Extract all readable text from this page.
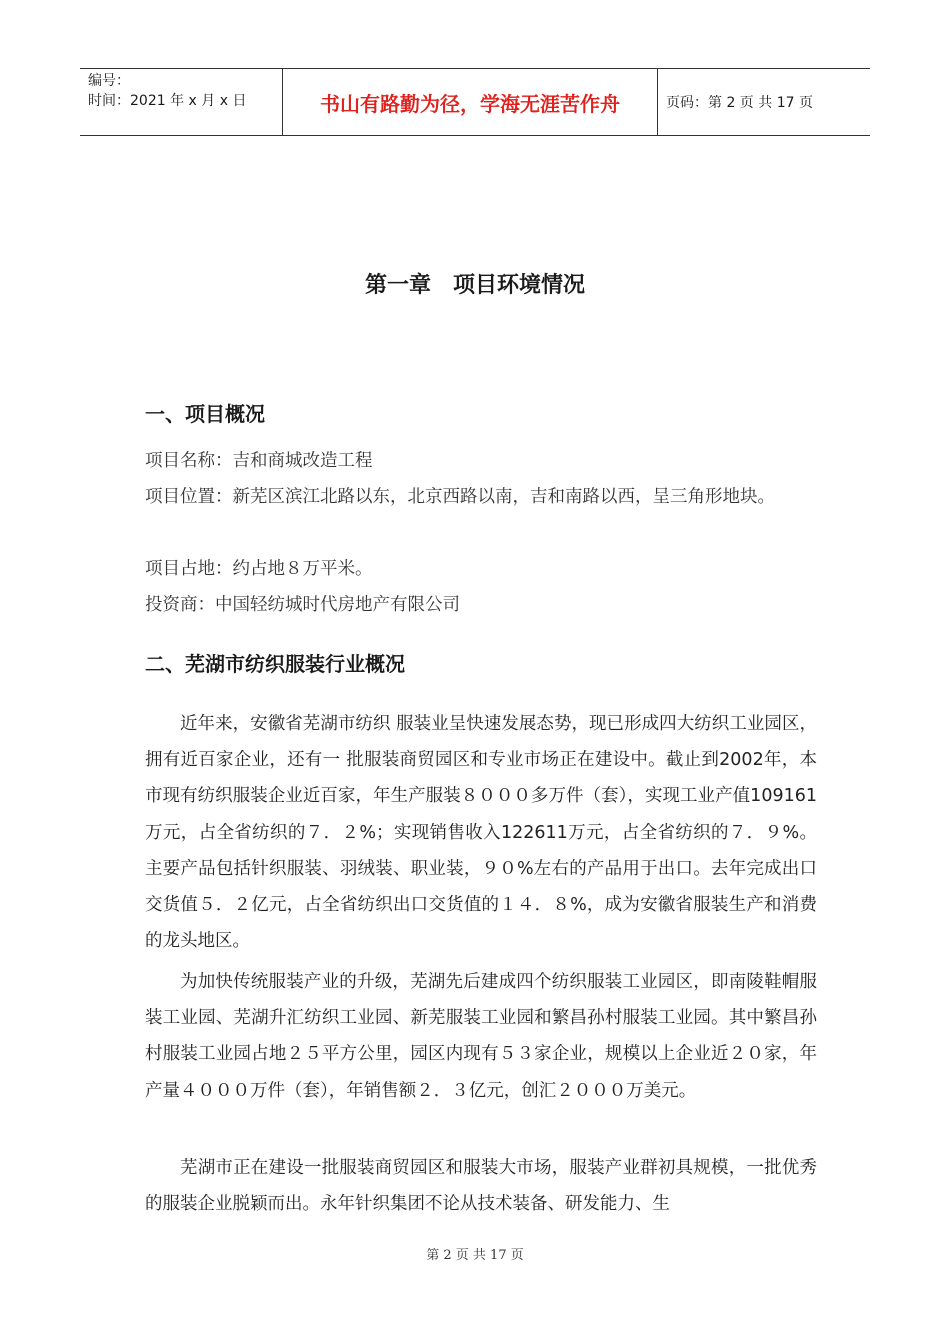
编号：
时间：2021 年 x 月 x 日	书山有路勤为径，学海无涯苦作舟	页码：第 2 页 共 17 页
第一章　项目环境情况
一、项目概况
项目名称：吉和商城改造工程
项目位置：新芜区滨江北路以东，北京西路以南，吉和南路以西，呈三角形地块。
项目占地：约占地８万平米。
投资商：中国轻纺城时代房地产有限公司
二、芜湖市纺织服装行业概况
近年来，安徽省芜湖市纺织 服装业呈快速发展态势，现已形成四大纺织工业园区，拥有近百家企业，还有一 批服装商贸园区和专业市场正在建设中。截止到2002年，本市现有纺织服装企业近百家，年生产服装８０００多万件（套），实现工业产值109161万元，占全省纺织的７．２%；实现销售收入122611万元，占全省纺织的７．９%。主要产品包括针织服装、羽绒装、职业装，９０%左右的产品用于出口。去年完成出口交货值５．２亿元，占全省纺织出口交货值的１４．８%，成为安徽省服装生产和消费的龙头地区。
为加快传统服装产业的升级，芜湖先后建成四个纺织服装工业园区，即南陵鞋帽服装工业园、芜湖升汇纺织工业园、新芜服装工业园和繁昌孙村服装工业园。其中繁昌孙村服装工业园占地２５平方公里，园区内现有５３家企业，规模以上企业近２０家，年产量４０００万件（套），年销售额２．３亿元，创汇２０００万美元。
芜湖市正在建设一批服装商贸园区和服装大市场，服装产业群初具规模，一批优秀的服装企业脱颖而出。永年针织集团不论从技术装备、研发能力、生
第 2 页 共 17 页
